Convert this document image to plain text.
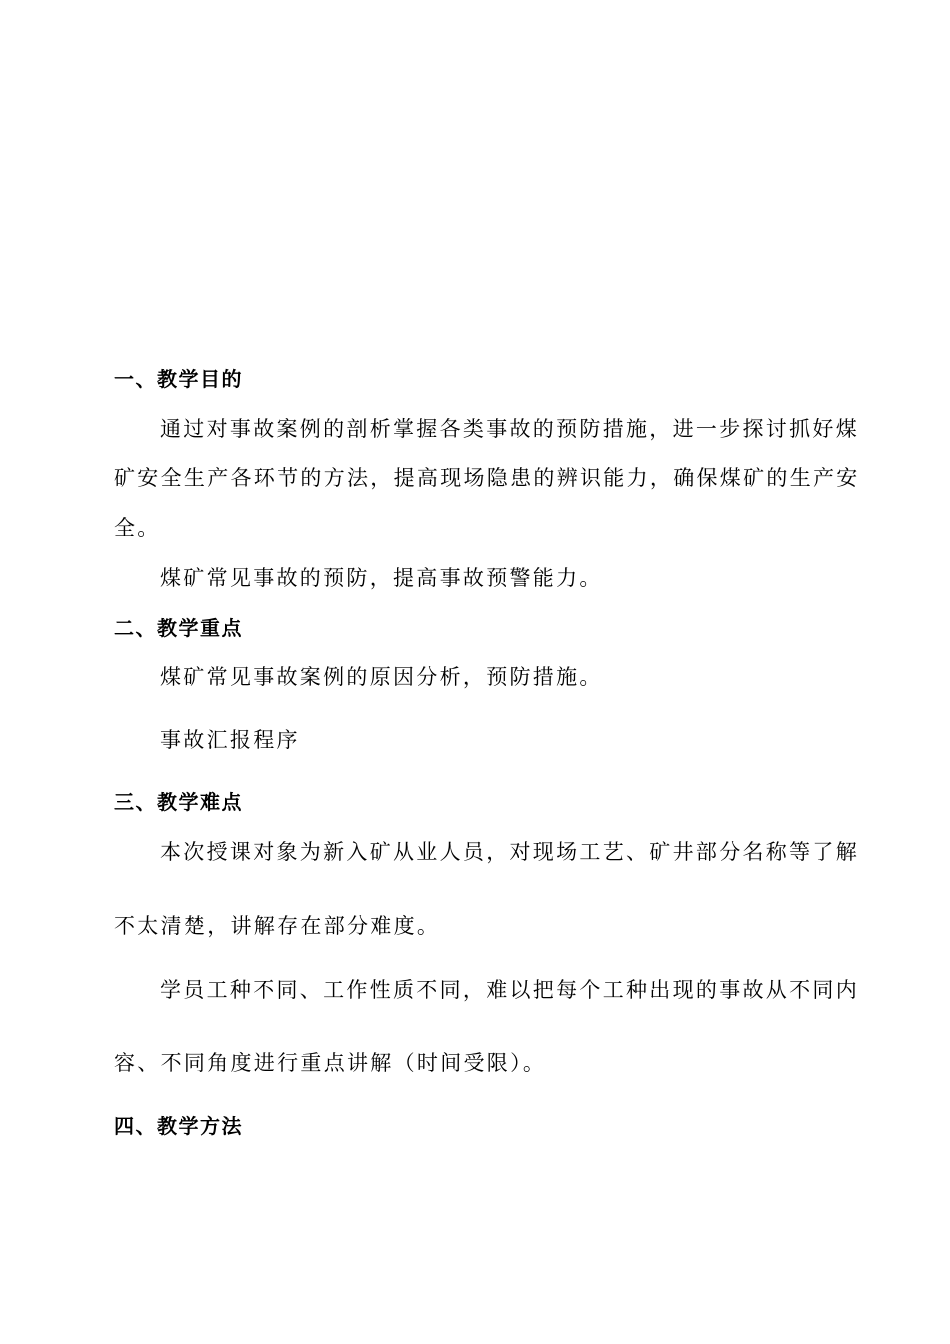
一、教学目的
通过对事故案例的剖析掌握各类事故的预防措施，进一步探讨抓好煤
矿安全生产各环节的方法，提高现场隐患的辨识能力，确保煤矿的生产安
全。
煤矿常见事故的预防，提高事故预警能力。
二、教学重点
煤矿常见事故案例的原因分析，预防措施。
事故汇报程序
三、教学难点
本次授课对象为新入矿从业人员，对现场工艺、矿井部分名称等了解
不太清楚，讲解存在部分难度。
学员工种不同、工作性质不同，难以把每个工种出现的事故从不同内
容、不同角度进行重点讲解（时间受限）。
四、教学方法
